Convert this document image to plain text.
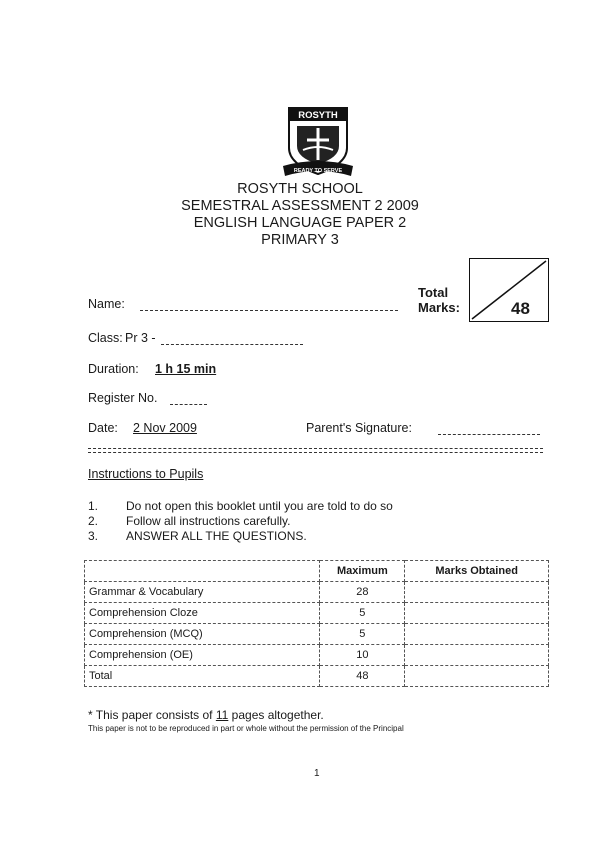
ROSYTH
READY TO SERVE
ROSYTH SCHOOL
SEMESTRAL ASSESSMENT 2 2009
ENGLISH LANGUAGE PAPER 2
PRIMARY 3
Total
Marks:	48
Name:
Class: Pr 3 -
Duration: 1 h 15 min
Register No.
Date: 2 Nov 2009	Parent's Signature:
Instructions to Pupils
1. Do not open this booklet until you are told to do so
2. Follow all instructions carefully.
3. ANSWER ALL THE QUESTIONS.
	Maximum	Marks Obtained
Grammar & Vocabulary	28	
Comprehension Cloze	5	
Comprehension (MCQ)	5	
Comprehension (OE)	10	
Total	48	
* This paper consists of 11 pages altogether.
This paper is not to be reproduced in part or whole without the permission of the Principal
1
